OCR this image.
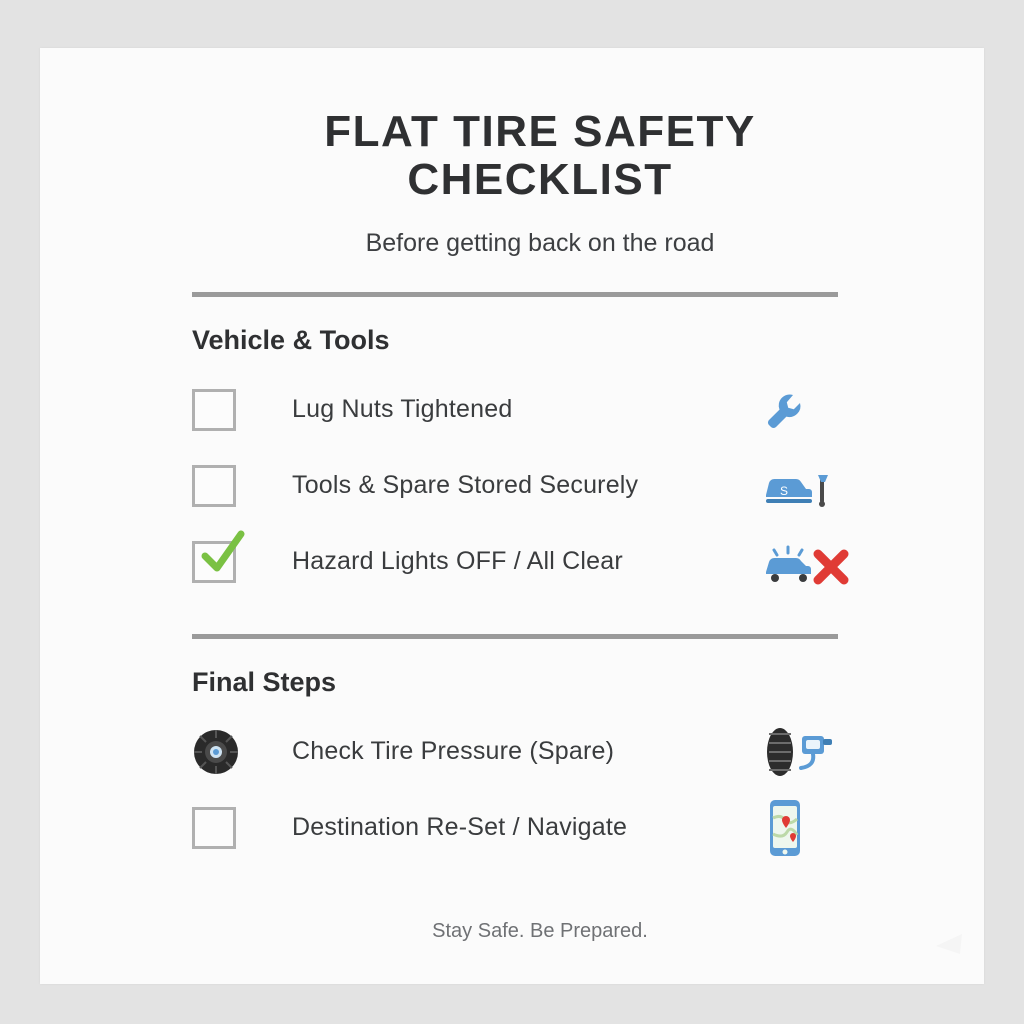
FLAT TIRE SAFETY CHECKLIST
Before getting back on the road
Vehicle & Tools
Lug Nuts Tightened
Tools & Spare Stored Securely	S
Hazard Lights OFF / All Clear
Final Steps
Check Tire Pressure (Spare)
Destination Re-Set / Navigate
Stay Safe. Be Prepared.
